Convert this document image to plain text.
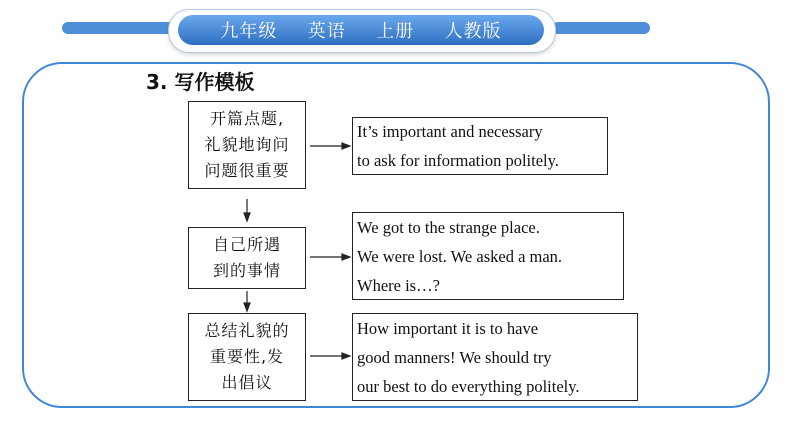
九年级 英语 上册 人教版
3. 写作模板
开篇点题,
礼貌地询问
问题很重要
It’s important and necessary
to ask for information politely.
自己所遇
到的事情
We got to the strange place.
We were lost. We asked a man.
Where is…?
总结礼貌的
重要性,发
出倡议
How important it is to have
good manners! We should try
our best to do everything politely.
